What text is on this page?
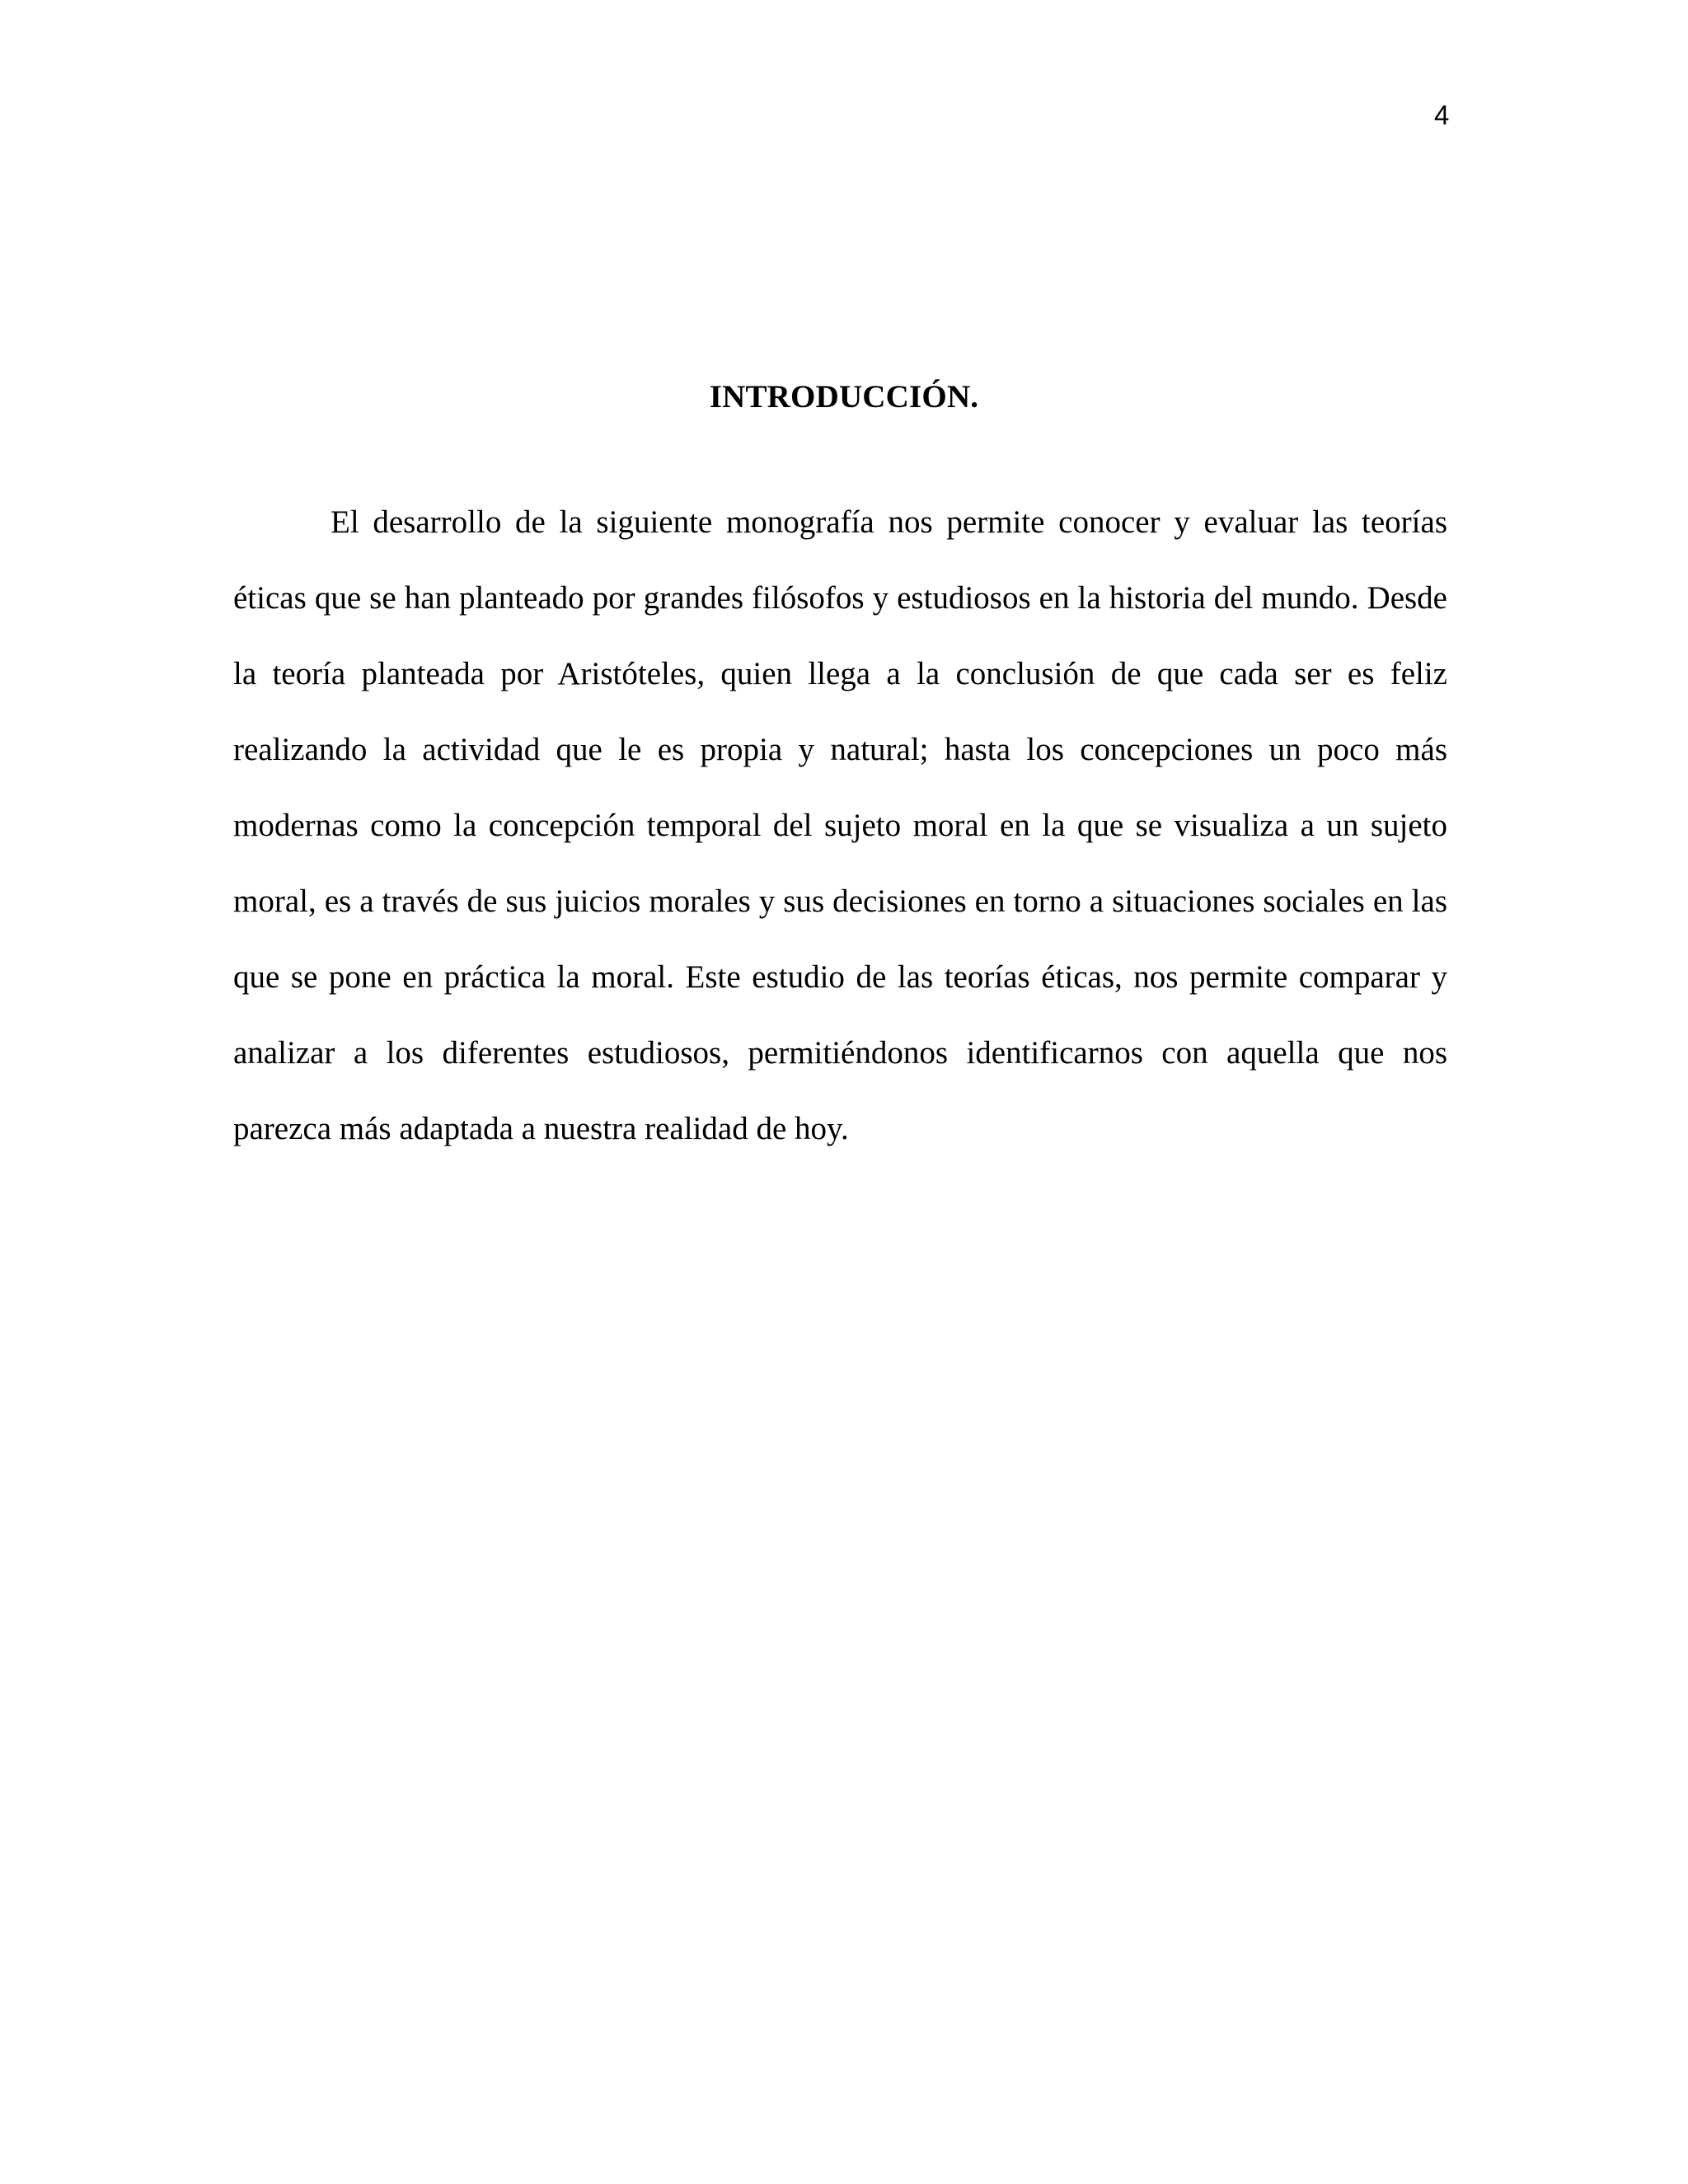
4
INTRODUCCIÓN.

El desarrollo de la siguiente monografía nos permite conocer y evaluar las teorías éticas que se han planteado por grandes filósofos y estudiosos en la historia del mundo. Desde la teoría planteada por Aristóteles, quien llega a la conclusión de que cada ser es feliz realizando la actividad que le es propia y natural; hasta los concepciones un poco más modernas como la concepción temporal del sujeto moral en la que se visualiza a un sujeto moral, es a través de sus juicios morales y sus decisiones en torno a situaciones sociales en las que se pone en práctica la moral. Este estudio de las teorías éticas, nos permite comparar y analizar a los diferentes estudiosos, permitiéndonos identificarnos con aquella que nos parezca más adaptada a nuestra realidad de hoy.
